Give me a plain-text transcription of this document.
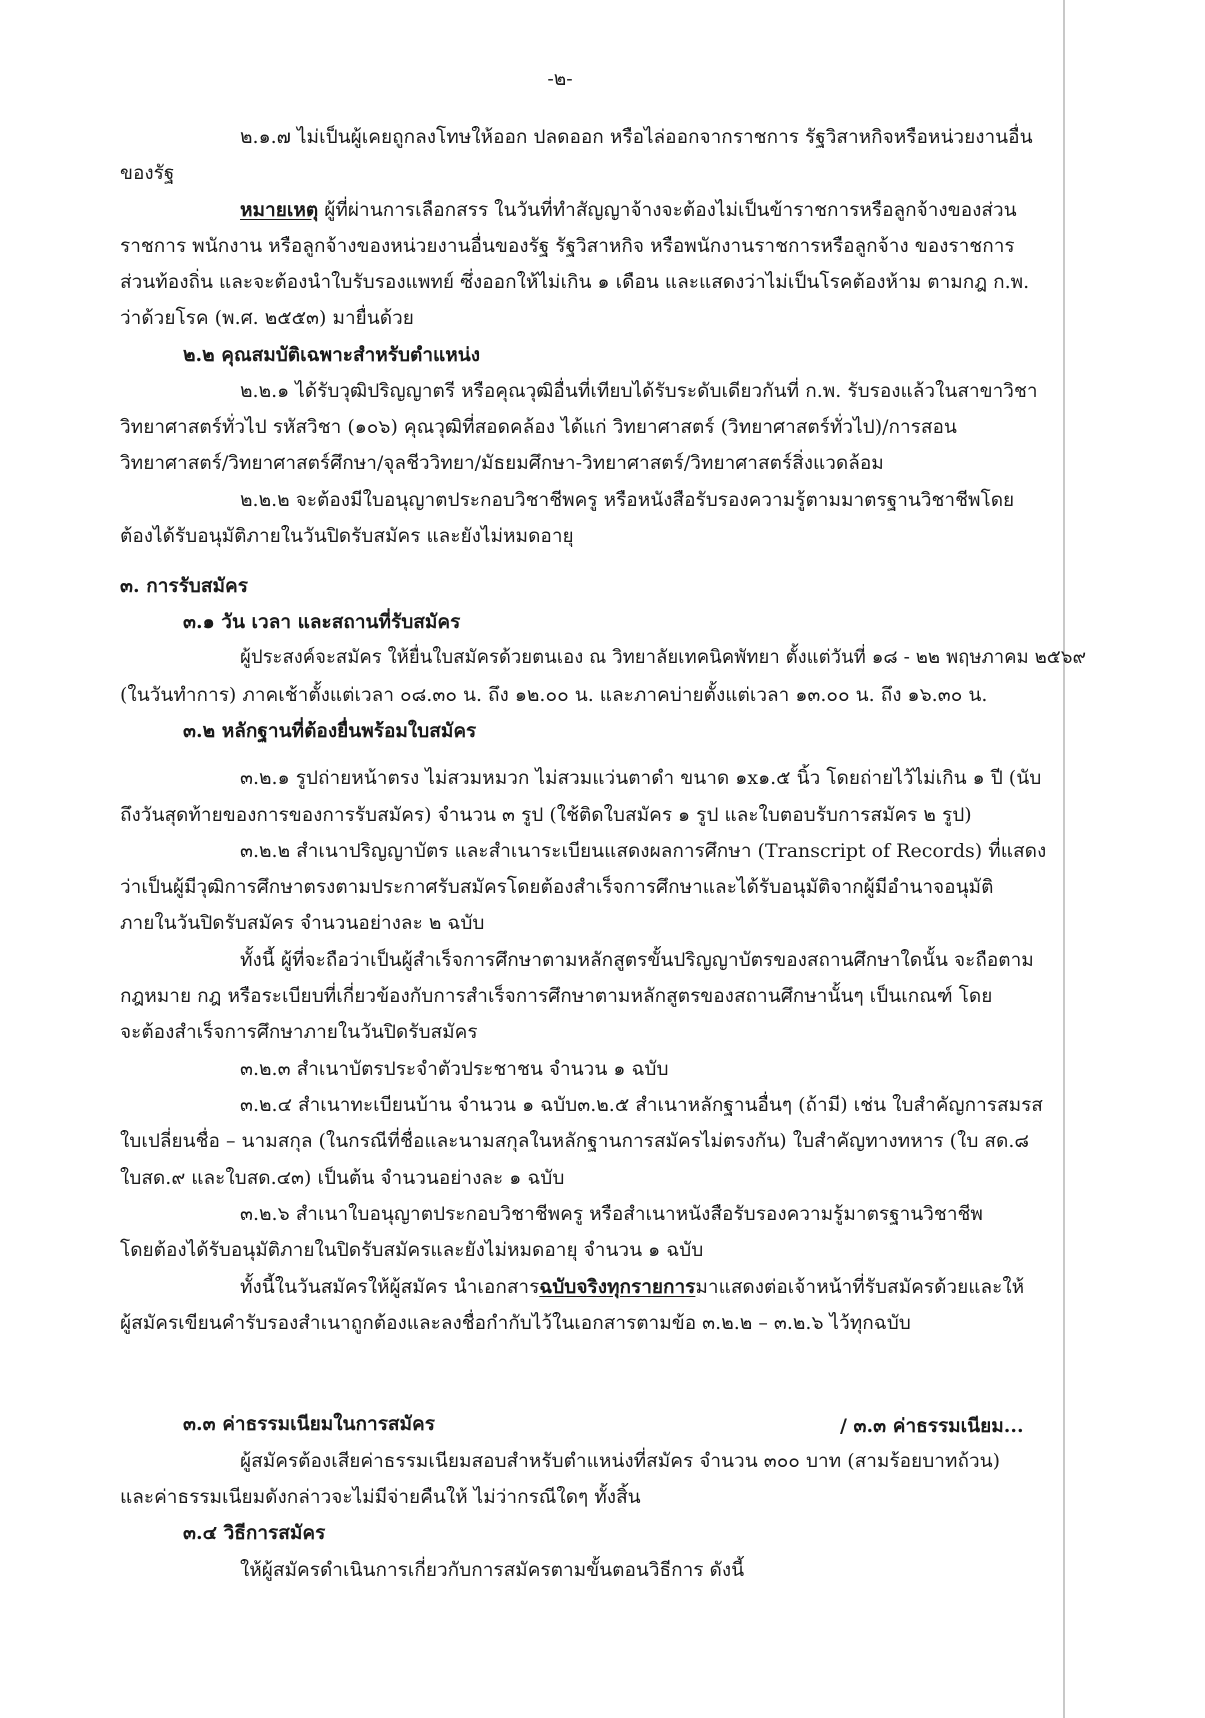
-๒-
๒.๑.๗ ไม่เป็นผู้เคยถูกลงโทษให้ออก ปลดออก หรือไล่ออกจากราชการ รัฐวิสาหกิจหรือหน่วยงานอื่น
ของรัฐ
หมายเหตุ ผู้ที่ผ่านการเลือกสรร ในวันที่ทำสัญญาจ้างจะต้องไม่เป็นข้าราชการหรือลูกจ้างของส่วน
ราชการ พนักงาน หรือลูกจ้างของหน่วยงานอื่นของรัฐ รัฐวิสาหกิจ หรือพนักงานราชการหรือลูกจ้าง ของราชการ
ส่วนท้องถิ่น และจะต้องนำใบรับรองแพทย์ ซึ่งออกให้ไม่เกิน ๑ เดือน และแสดงว่าไม่เป็นโรคต้องห้าม ตามกฎ ก.พ.
ว่าด้วยโรค (พ.ศ. ๒๕๕๓) มายื่นด้วย
๒.๒ คุณสมบัติเฉพาะสำหรับตำแหน่ง
๒.๒.๑ ได้รับวุฒิปริญญาตรี หรือคุณวุฒิอื่นที่เทียบได้รับระดับเดียวกันที่ ก.พ. รับรองแล้วในสาขาวิชา
วิทยาศาสตร์ทั่วไป รหัสวิชา (๑๐๖) คุณวุฒิที่สอดคล้อง ได้แก่ วิทยาศาสตร์ (วิทยาศาสตร์ทั่วไป)/การสอน
วิทยาศาสตร์/วิทยาศาสตร์ศึกษา/จุลชีววิทยา/มัธยมศึกษา-วิทยาศาสตร์/วิทยาศาสตร์สิ่งแวดล้อม
๒.๒.๒ จะต้องมีใบอนุญาตประกอบวิชาชีพครู หรือหนังสือรับรองความรู้ตามมาตรฐานวิชาชีพโดย
ต้องได้รับอนุมัติภายในวันปิดรับสมัคร และยังไม่หมดอายุ
๓. การรับสมัคร
๓.๑ วัน เวลา และสถานที่รับสมัคร
ผู้ประสงค์จะสมัคร ให้ยื่นใบสมัครด้วยตนเอง ณ วิทยาลัยเทคนิคพัทยา ตั้งแต่วันที่ ๑๘ - ๒๒ พฤษภาคม ๒๕๖๙
(ในวันทำการ) ภาคเช้าตั้งแต่เวลา ๐๘.๓๐ น. ถึง ๑๒.๐๐ น. และภาคบ่ายตั้งแต่เวลา ๑๓.๐๐ น. ถึง ๑๖.๓๐ น.
๓.๒ หลักฐานที่ต้องยื่นพร้อมใบสมัคร
๓.๒.๑ รูปถ่ายหน้าตรง ไม่สวมหมวก ไม่สวมแว่นตาดำ ขนาด ๑x๑.๕ นิ้ว โดยถ่ายไว้ไม่เกิน ๑ ปี (นับ
ถึงวันสุดท้ายของการของการรับสมัคร) จำนวน ๓ รูป (ใช้ติดใบสมัคร ๑ รูป และใบตอบรับการสมัคร ๒ รูป)
๓.๒.๒ สำเนาปริญญาบัตร และสำเนาระเบียนแสดงผลการศึกษา (Transcript of Records) ที่แสดง
ว่าเป็นผู้มีวุฒิการศึกษาตรงตามประกาศรับสมัครโดยต้องสำเร็จการศึกษาและได้รับอนุมัติจากผู้มีอำนาจอนุมัติ
ภายในวันปิดรับสมัคร จำนวนอย่างละ ๒ ฉบับ
ทั้งนี้ ผู้ที่จะถือว่าเป็นผู้สำเร็จการศึกษาตามหลักสูตรขั้นปริญญาบัตรของสถานศึกษาใดนั้น จะถือตาม
กฎหมาย กฎ หรือระเบียบที่เกี่ยวข้องกับการสำเร็จการศึกษาตามหลักสูตรของสถานศึกษานั้นๆ เป็นเกณฑ์ โดย
จะต้องสำเร็จการศึกษาภายในวันปิดรับสมัคร
๓.๒.๓ สำเนาบัตรประจำตัวประชาชน จำนวน ๑ ฉบับ
๓.๒.๔ สำเนาทะเบียนบ้าน จำนวน ๑ ฉบับ๓.๒.๕ สำเนาหลักฐานอื่นๆ (ถ้ามี) เช่น ใบสำคัญการสมรส
ใบเปลี่ยนชื่อ – นามสกุล (ในกรณีที่ชื่อและนามสกุลในหลักฐานการสมัครไม่ตรงกัน) ใบสำคัญทางทหาร (ใบ สด.๘
ใบสด.๙ และใบสด.๔๓) เป็นต้น จำนวนอย่างละ ๑ ฉบับ
๓.๒.๖ สำเนาใบอนุญาตประกอบวิชาชีพครู หรือสำเนาหนังสือรับรองความรู้มาตรฐานวิชาชีพ
โดยต้องได้รับอนุมัติภายในปิดรับสมัครและยังไม่หมดอายุ จำนวน ๑ ฉบับ
ทั้งนี้ในวันสมัครให้ผู้สมัคร นำเอกสารฉบับจริงทุกรายการมาแสดงต่อเจ้าหน้าที่รับสมัครด้วยและให้
ผู้สมัครเขียนคำรับรองสำเนาถูกต้องและลงชื่อกำกับไว้ในเอกสารตามข้อ ๓.๒.๒ – ๓.๒.๖ ไว้ทุกฉบับ
๓.๓ ค่าธรรมเนียมในการสมัคร	/ ๓.๓ ค่าธรรมเนียม...
ผู้สมัครต้องเสียค่าธรรมเนียมสอบสำหรับตำแหน่งที่สมัคร จำนวน ๓๐๐ บาท (สามร้อยบาทถ้วน)
และค่าธรรมเนียมดังกล่าวจะไม่มีจ่ายคืนให้ ไม่ว่ากรณีใดๆ ทั้งสิ้น
๓.๔ วิธีการสมัคร
ให้ผู้สมัครดำเนินการเกี่ยวกับการสมัครตามขั้นตอนวิธีการ ดังนี้
